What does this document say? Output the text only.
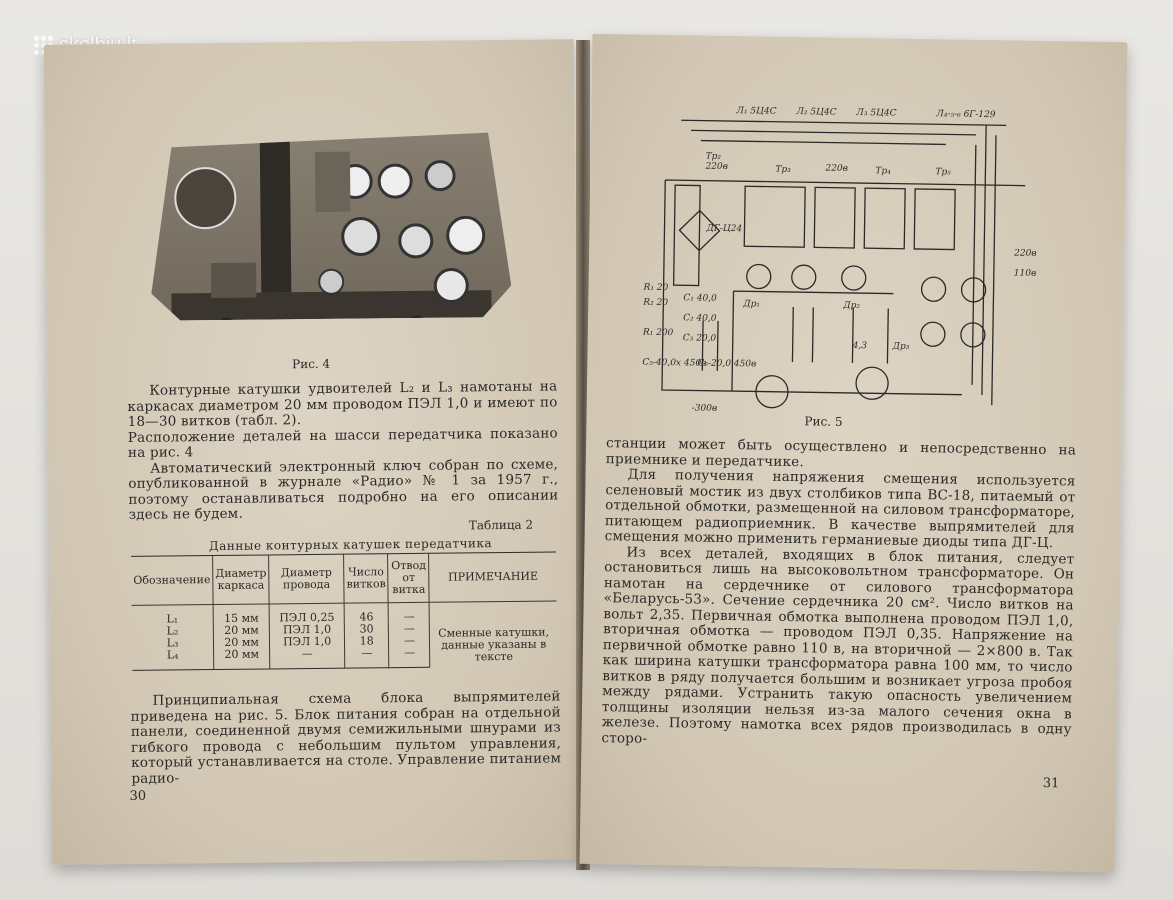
Рис. 4

Контурные катушки удвоителей L₂ и L₃ намотаны на каркасах диаметром 20 мм проводом ПЭЛ 1,0 и имеют по 18—30 витков (табл. 2).

Расположение деталей на шасси передатчика показано на рис. 4

Автоматический электронный ключ собран по схеме, опубликованной в журнале «Радио» № 1 за 1957 г., поэтому останавливаться подробно на его описании здесь не будем.

Таблица 2
Данные контурных катушек передатчика
Обозначение	Диаметр каркаса	Диаметр провода	Число витков	Отвод от витка	ПРИМЕЧАНИЕ
L₁	15 мм	ПЭЛ 0,25	46	—	Сменные катушки, данные указаны в тексте
L₂	20 мм	ПЭЛ 1,0	30	—	
L₃	20 мм	ПЭЛ 1,0	18	—	
L₄	20 мм	—	—	—	

Принципиальная схема блока выпрямителей приведена на рис. 5. Блок питания собран на отдельной панели, соединенной двумя семижильными шнурами из гибкого провода с небольшим пультом управления, который устанавливается на столе. Управление питанием радио-

30
Л₁ 5Ц4С Л₂ 5Ц4С Л₃ 5Ц4С	Л₄-₅-₆ 6Г-129
Тр₂
Тр₃	Тр₄	Тр₅
220в	220в
220в
110в
ДГ-Ц24
R₁ 20
R₂ 20
R₁ 200
С₁ 40,0
С₂ 40,0
С₃ 20,0
С₅-40,0х 450в
С₅-20,0 450в
Др₁	Др₂
Др₃
4,3
-300в
Рис. 5

станции может быть осуществлено и непосредственно на приемнике и передатчике.

Для получения напряжения смещения используется селеновый мостик из двух столбиков типа ВС-18, питаемый от отдельной обмотки, размещенной на силовом трансформаторе, питающем радиоприемник. В качестве выпрямителей для смещения можно применить германиевые диоды типа ДГ-Ц.

Из всех деталей, входящих в блок питания, следует остановиться лишь на высоковольтном трансформаторе. Он намотан на сердечнике от силового трансформатора «Беларусь-53». Сечение сердечника 20 см². Число витков на вольт 2,35. Первичная обмотка выполнена проводом ПЭЛ 1,0, вторичная обмотка — проводом ПЭЛ 0,35. Напряжение на первичной обмотке равно 110 в, на вторичной — 2×800 в. Так как ширина катушки трансформатора равна 100 мм, то число витков в ряду получается большим и возникает угроза пробоя между рядами. Устранить такую опасность увеличением толщины изоляции нельзя из-за малого сечения окна в железе. Поэтому намотка всех рядов производилась в одну сторо-

31
